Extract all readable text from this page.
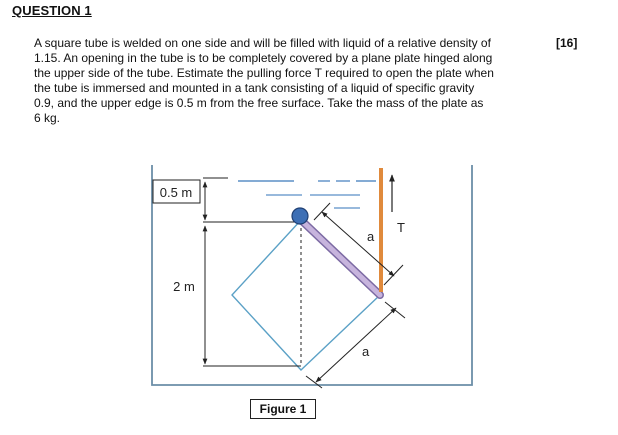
QUESTION 1
[16]

A square tube is welded on one side and will be filled with liquid of a relative density of
1.15. An opening in the tube is to be completely covered by a plane plate hinged along
the upper side of the tube. Estimate the pulling force T required to open the plate when
the tube is immersed and mounted in a tank consisting of a liquid of specific gravity
0.9, and the upper edge is 0.5 m from the free surface. Take the mass of the plate as
6 kg.

0.5 m
2 m
T
a
a
Figure 1
